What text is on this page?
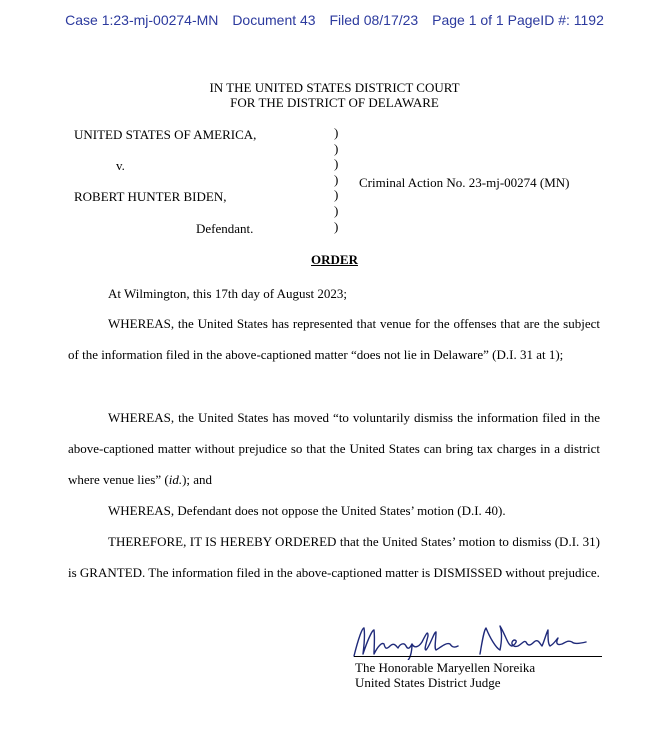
Case 1:23-mj-00274-MN Document 43 Filed 08/17/23 Page 1 of 1 PageID #: 1192
IN THE UNITED STATES DISTRICT COURT
FOR THE DISTRICT OF DELAWARE
UNITED STATES OF AMERICA,
v.
ROBERT HUNTER BIDEN,
Defendant.
)
)
)
)
)
)
)
Criminal Action No. 23-mj-00274 (MN)
ORDER
At Wilmington, this 17th day of August 2023;
WHEREAS, the United States has represented that venue for the offenses that are the subject of the information filed in the above-captioned matter “does not lie in Delaware” (D.I. 31 at 1);
WHEREAS, the United States has moved “to voluntarily dismiss the information filed in the above-captioned matter without prejudice so that the United States can bring tax charges in a district where venue lies” (id.); and
WHEREAS, Defendant does not oppose the United States’ motion (D.I. 40).
THEREFORE, IT IS HEREBY ORDERED that the United States’ motion to dismiss (D.I. 31) is GRANTED. The information filed in the above-captioned matter is DISMISSED without prejudice.
The Honorable Maryellen Noreika
United States District Judge
